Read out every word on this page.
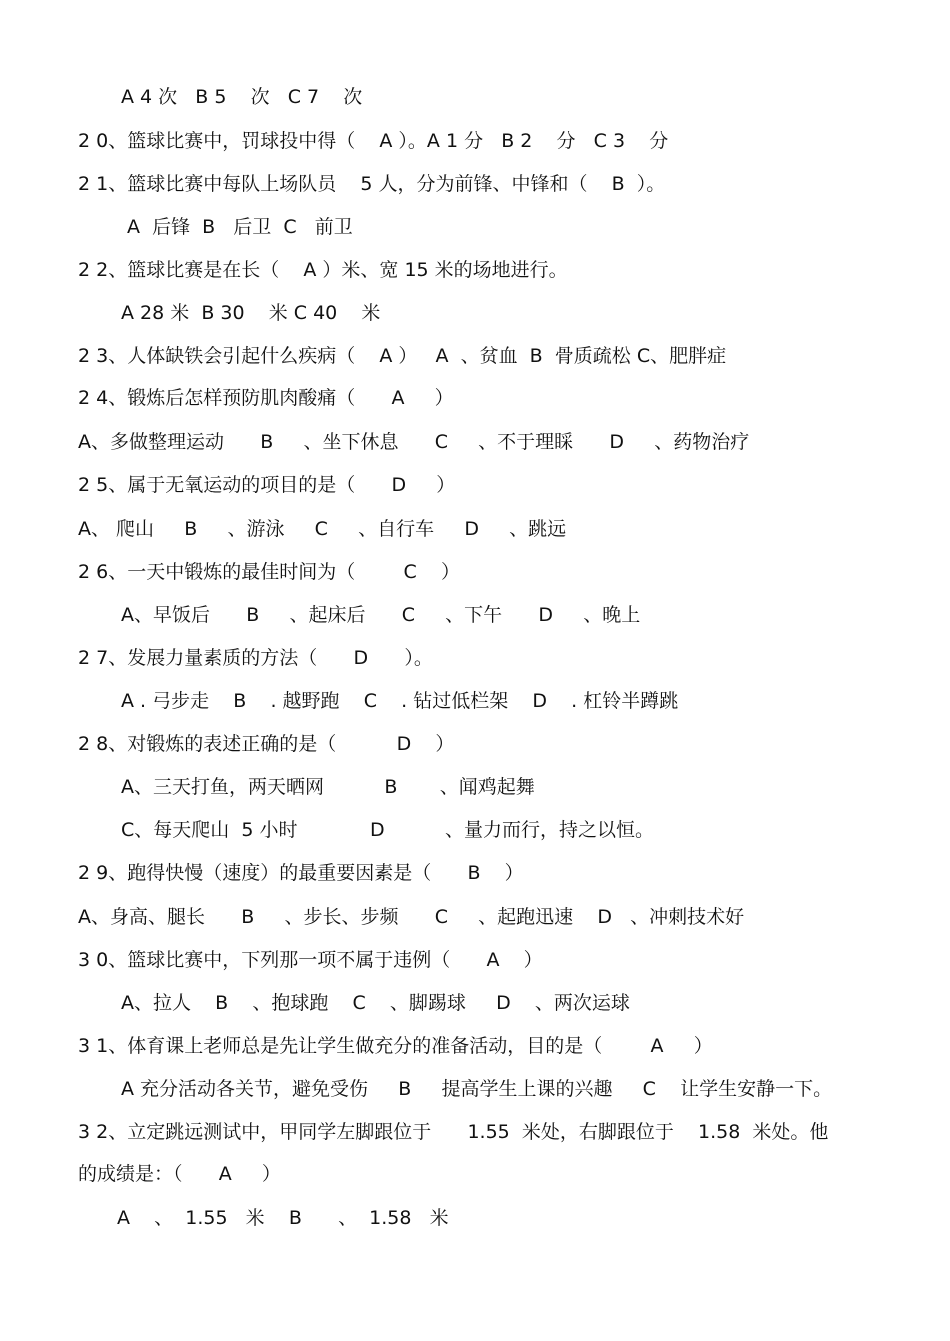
A 4 次   B 5    次   C 7    次
2 0、篮球比赛中，罚球投中得（    A ）。A 1 分   B 2    分   C 3    分
2 1、篮球比赛中每队上场队员    5 人，分为前锋、中锋和（    B  ）。
A  后锋  B   后卫  C   前卫
2 2、篮球比赛是在长（    A ）米、宽 15 米的场地进行。
A 28 米  B 30    米 C 40    米
2 3、人体缺铁会引起什么疾病（    A ）   A  、贫血  B  骨质疏松 C、肥胖症
2 4、锻炼后怎样预防肌肉酸痛（      A     ）
A、多做整理运动      B     、坐下休息      C     、不于理睬      D     、药物治疗
2 5、属于无氧运动的项目的是（      D     ）
A、 爬山     B     、游泳     C     、自行车     D     、跳远
2 6、一天中锻炼的最佳时间为（        C    ）
A、早饭后      B     、起床后      C     、下午      D     、晚上
2 7、发展力量素质的方法（      D      ）。
A . 弓步走    B    . 越野跑    C    . 钻过低栏架    D    . 杠铃半蹲跳
2 8、对锻炼的表述正确的是（          D    ）
A、三天打鱼，两天晒网          B       、闻鸡起舞
C、每天爬山  5 小时            D          、量力而行，持之以恒。
2 9、跑得快慢（速度）的最重要因素是（      B    ）
A、身高、腿长      B     、步长、步频      C     、起跑迅速    D   、冲刺技术好
3 0、篮球比赛中，下列那一项不属于违例（      A    ）
A、拉人    B    、抱球跑    C    、脚踢球     D    、两次运球
3 1、体育课上老师总是先让学生做充分的准备活动，目的是（        A     ）
A 充分活动各关节，避免受伤     B     提高学生上课的兴趣     C    让学生安静一下。
3 2、立定跳远测试中，甲同学左脚跟位于      1.55  米处，右脚跟位于    1.58  米处。他
的成绩是：（      A     ）
A    、  1.55   米    B      、  1.58   米
